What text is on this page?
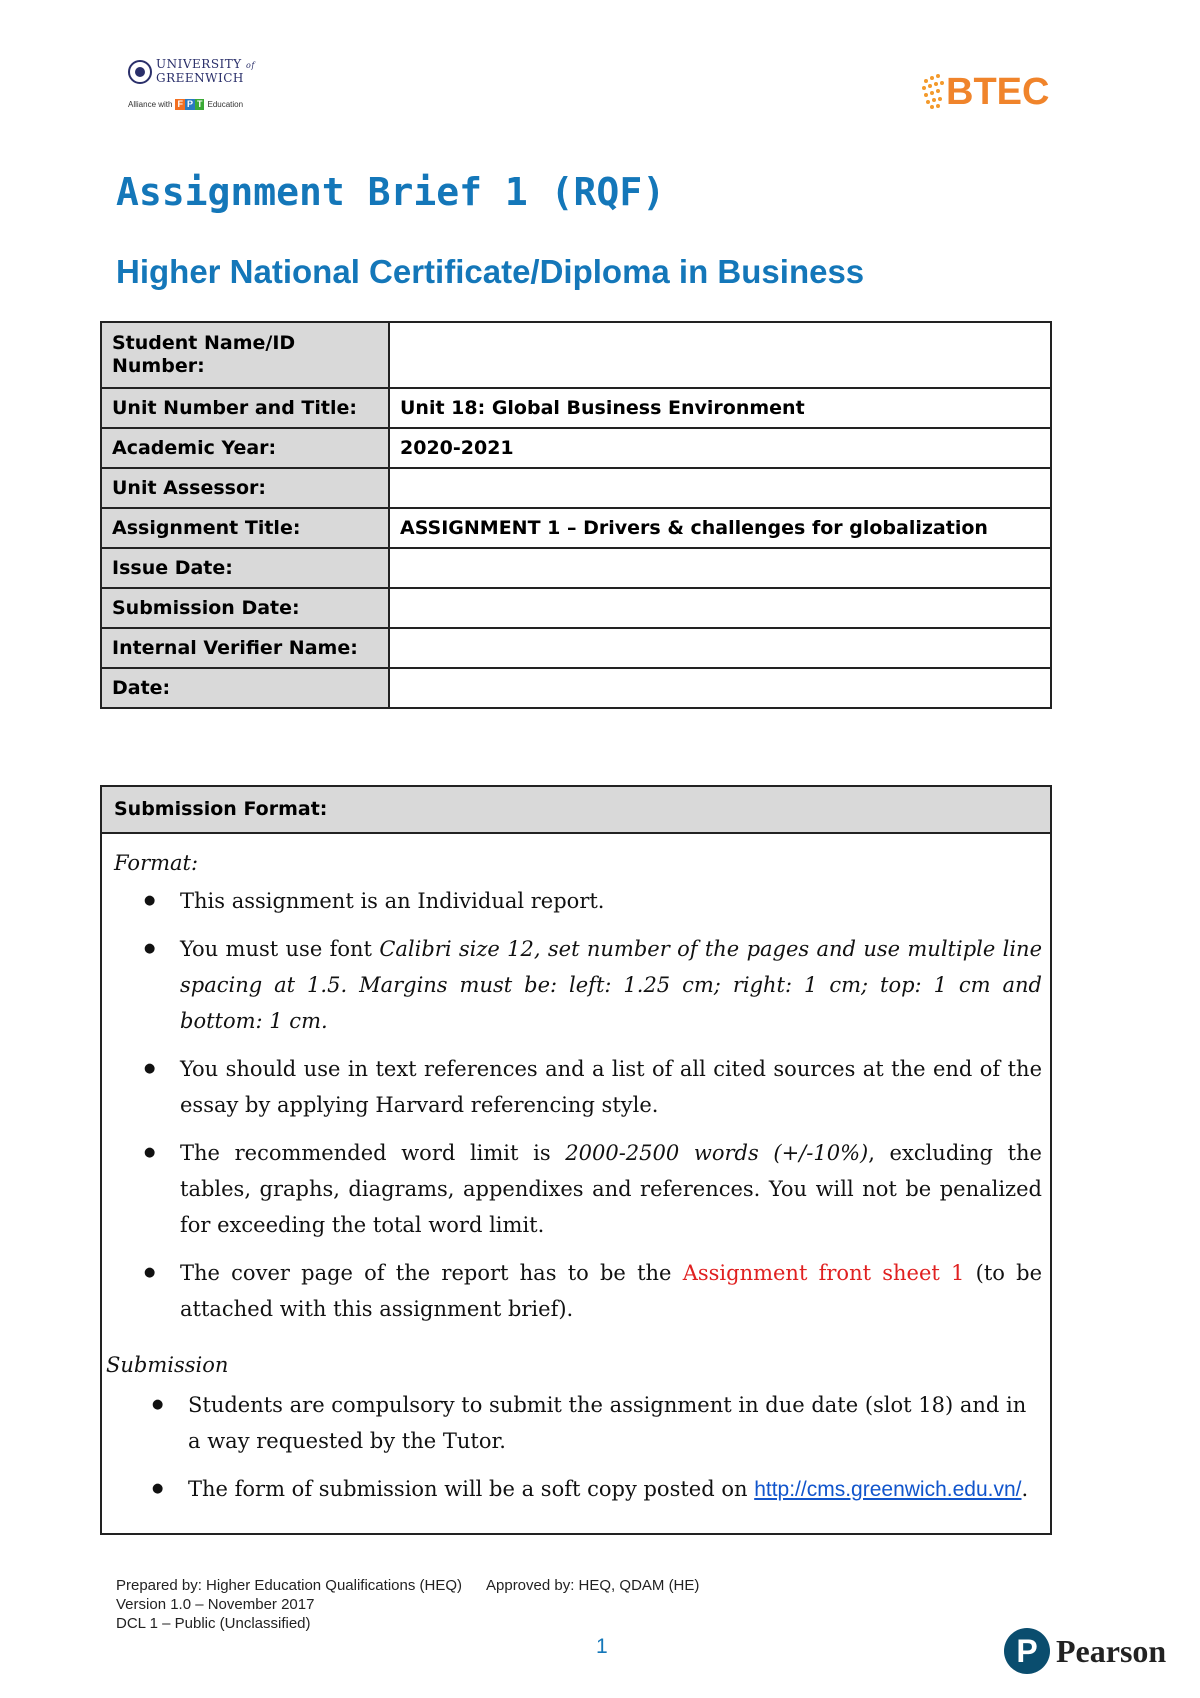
UNIVERSITY of
GREENWICH
Alliance with F P T Education	BTEC
Assignment Brief 1 (RQF)
Higher National Certificate/Diploma in Business
Student Name/ID
Number:	

Unit Number and Title:	Unit 18: Global Business Environment
Academic Year:	2020-2021
Unit Assessor:	
Assignment Title:	ASSIGNMENT 1 – Drivers & challenges for globalization
Issue Date:	
Submission Date:	
Internal Verifier Name:	
Date:	
Submission Format:
Format:
● This assignment is an Individual report.
● You must use font Calibri size 12, set number of the pages and use multiple line spacing at 1.5. Margins must be: left: 1.25 cm; right: 1 cm; top: 1 cm and bottom: 1 cm.
● You should use in text references and a list of all cited sources at the end of the essay by applying Harvard referencing style.
● The recommended word limit is 2000-2500 words (+/-10%), excluding the tables, graphs, diagrams, appendixes and references. You will not be penalized for exceeding the total word limit.
● The cover page of the report has to be the Assignment front sheet 1 (to be attached with this assignment brief).
Submission
● Students are compulsory to submit the assignment in due date (slot 18) and in a way requested by the Tutor.
● The form of submission will be a soft copy posted on http://cms.greenwich.edu.vn/.
Prepared by: Higher Education Qualifications (HEQ) Approved by: HEQ, QDAM (HE)
Version 1.0 – November 2017
DCL 1 – Public (Unclassified)
1	P Pearson
